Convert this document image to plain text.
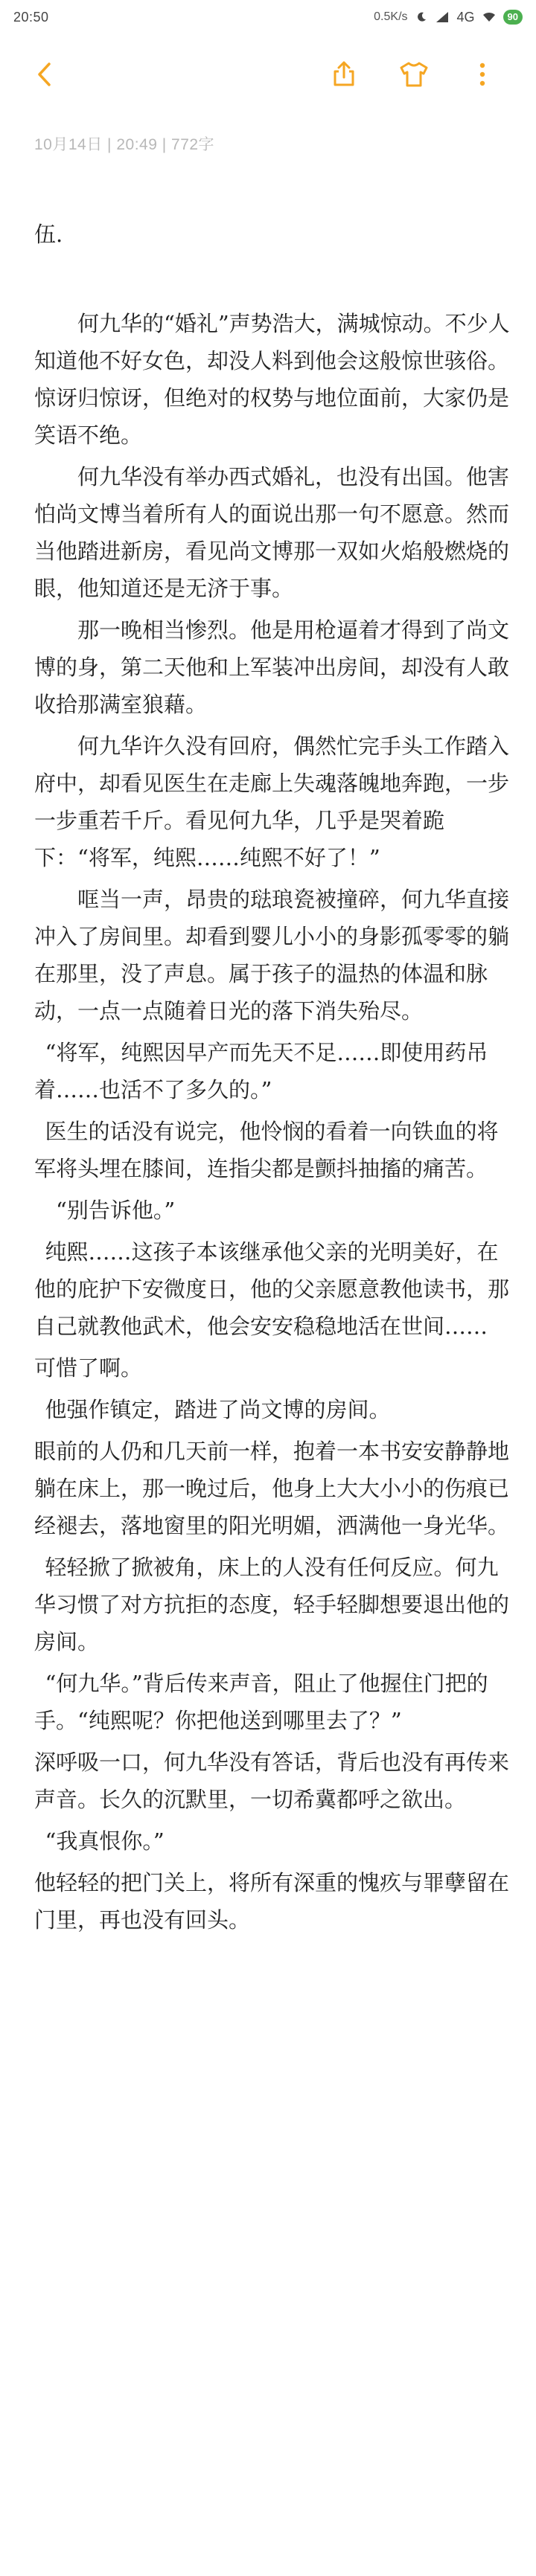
20:50	0.5K/s	4G	90
10月14日 | 20:49 | 772字

伍.

何九华的“婚礼”声势浩大，满城惊动。不少人知道他不好女色，却没人料到他会这般惊世骇俗。惊讶归惊讶，但绝对的权势与地位面前，大家仍是笑语不绝。

何九华没有举办西式婚礼，也没有出国。他害怕尚文博当着所有人的面说出那一句不愿意。然而当他踏进新房，看见尚文博那一双如火焰般燃烧的眼，他知道还是无济于事。

那一晚相当惨烈。他是用枪逼着才得到了尚文博的身，第二天他和上军装冲出房间，却没有人敢收拾那满室狼藉。

何九华许久没有回府，偶然忙完手头工作踏入府中，却看见医生在走廊上失魂落魄地奔跑，一步一步重若千斤。看见何九华，几乎是哭着跪下：“将军，纯熙……纯熙不好了！”

哐当一声，昂贵的琺琅瓷被撞碎，何九华直接冲入了房间里。却看到婴儿小小的身影孤零零的躺在那里，没了声息。属于孩子的温热的体温和脉动，一点一点随着日光的落下消失殆尽。

“将军，纯熙因早产而先天不足……即使用药吊着……也活不了多久的。”

医生的话没有说完，他怜悯的看着一向铁血的将军将头埋在膝间，连指尖都是颤抖抽搐的痛苦。

“别告诉他。”

纯熙……这孩子本该继承他父亲的光明美好，在他的庇护下安微度日，他的父亲愿意教他读书，那自己就教他武术，他会安安稳稳地活在世间……

可惜了啊。

他强作镇定，踏进了尚文博的房间。

眼前的人仍和几天前一样，抱着一本书安安静静地躺在床上，那一晚过后，他身上大大小小的伤痕已经褪去，落地窗里的阳光明媚，洒满他一身光华。

轻轻掀了掀被角，床上的人没有任何反应。何九华习惯了对方抗拒的态度，轻手轻脚想要退出他的房间。

“何九华。”背后传来声音，阻止了他握住门把的手。“纯熙呢？你把他送到哪里去了？”

深呼吸一口，何九华没有答话，背后也没有再传来声音。长久的沉默里，一切希冀都呼之欲出。

“我真恨你。”

他轻轻的把门关上，将所有深重的愧疚与罪孽留在门里，再也没有回头。
